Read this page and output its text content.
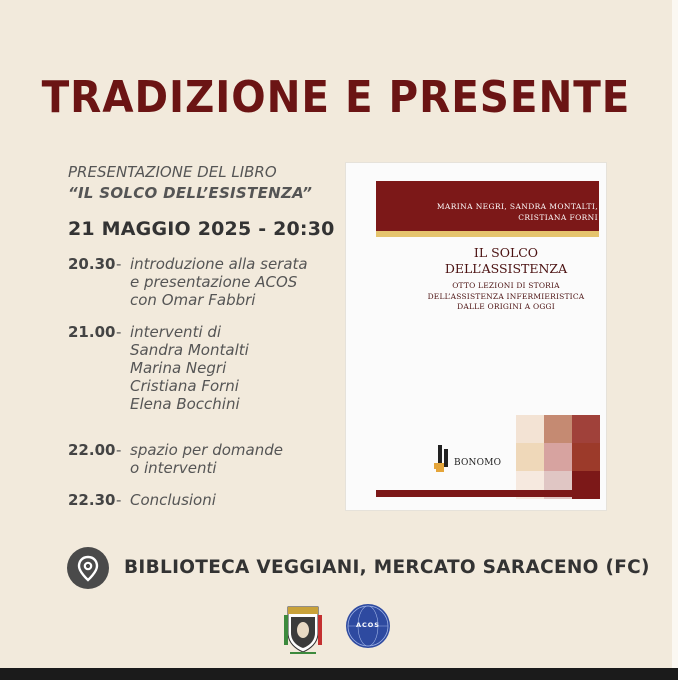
TRADIZIONE E PRESENTE
PRESENTAZIONE DEL LIBRO
“IL SOLCO DELL’ESISTENZA”
21 MAGGIO 2025 - 20:30
20.30- introduzione alla serata
e presentazione ACOS
con Omar Fabbri
21.00- interventi di
Sandra Montalti
Marina Negri
Cristiana Forni
Elena Bocchini
22.00- spazio per domande
o interventi
22.30- Conclusioni
MARINA NEGRI, SANDRA MONTALTI,
CRISTIANA FORNI
IL SOLCO
DELL’ASSISTENZA
OTTO LEZIONI DI STORIA
DELL’ASSISTENZA INFERMIERISTICA
DALLE ORIGINI A OGGI
BONOMO
BIBLIOTECA VEGGIANI, MERCATO SARACENO (FC)
ACOS
